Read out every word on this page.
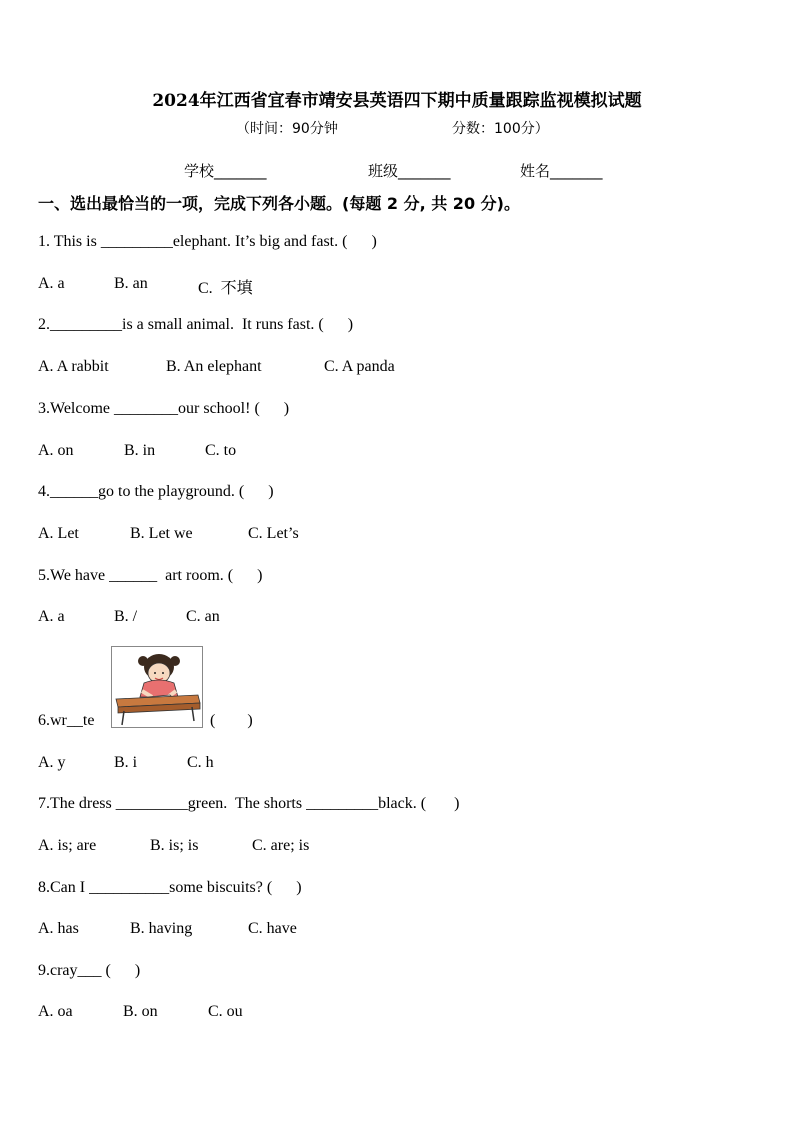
2024年江西省宜春市靖安县英语四下期中质量跟踪监视模拟试题
（时间：90分钟	分数：100分）
学校_______	班级_______	姓名_______
一、选出最恰当的一项，完成下列各小题。(每题 2 分, 共 20 分)。
1. This is _________elephant. It’s big and fast. (      )
A. a	B. an	C.  不填
2._________is a small animal.  It runs fast. (      )
A. A rabbit	B. An elephant	C. A panda
3.Welcome ________our school! (      )
A. on	B. in	C. to
4.______go to the playground. (      )
A. Let	B. Let we	C. Let’s
5.We have ______  art room. (      )
A. a	B. /	C. an
6.wr__te	(        )
A. y	B. i	C. h
7.The dress _________green.  The shorts _________black. (       )
A. is; are	B. is; is	C. are; is
8.Can I __________some biscuits? (      )
A. has	B. having	C. have
9.cray___ (      )
A. oa	B. on	C. ou
